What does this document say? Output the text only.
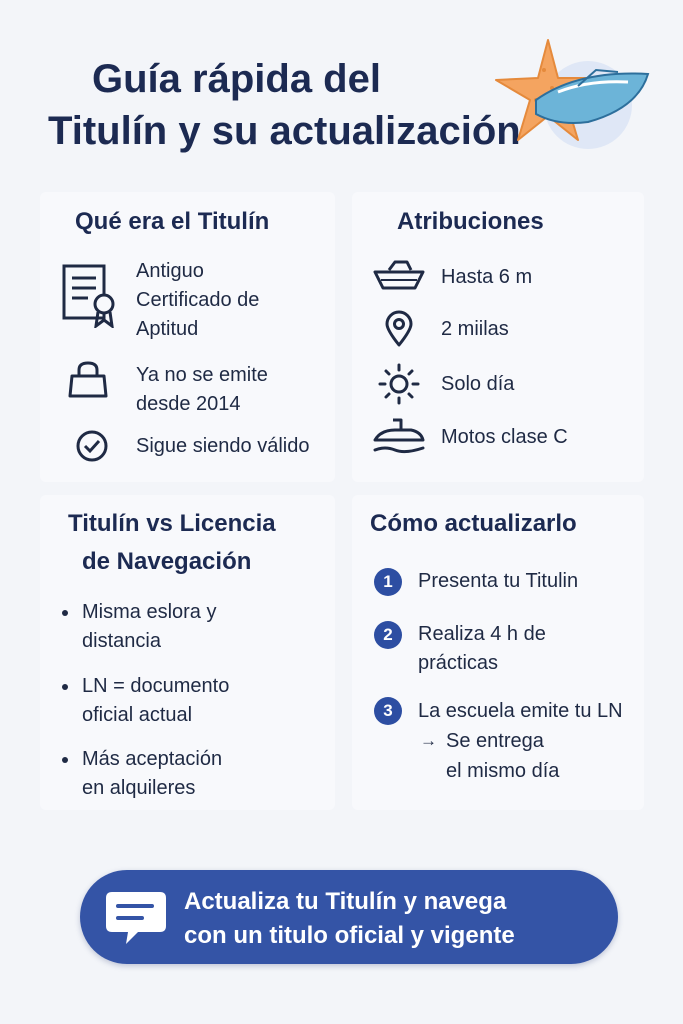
Guía rápida del
Titulín y su actualización
Qué era el Titulín
Antiguo
Certificado de
Aptitud
Ya no se emite
desde 2014
Sigue siendo válido
Atribuciones
Hasta 6 m
2 miilas
Solo día
Motos clase C
Titulín vs Licencia
de Navegación
Misma eslora y
distancia
LN = documento
oficial actual
Más aceptación
en alquileres
Cómo actualizarlo
1	Presenta tu Titulin
2	Realiza 4 h de
prácticas
3	La escuela emite tu LN
→ Se entrega
el mismo día
Actualiza tu Titulín y navega
con un titulo oficial y vigente
